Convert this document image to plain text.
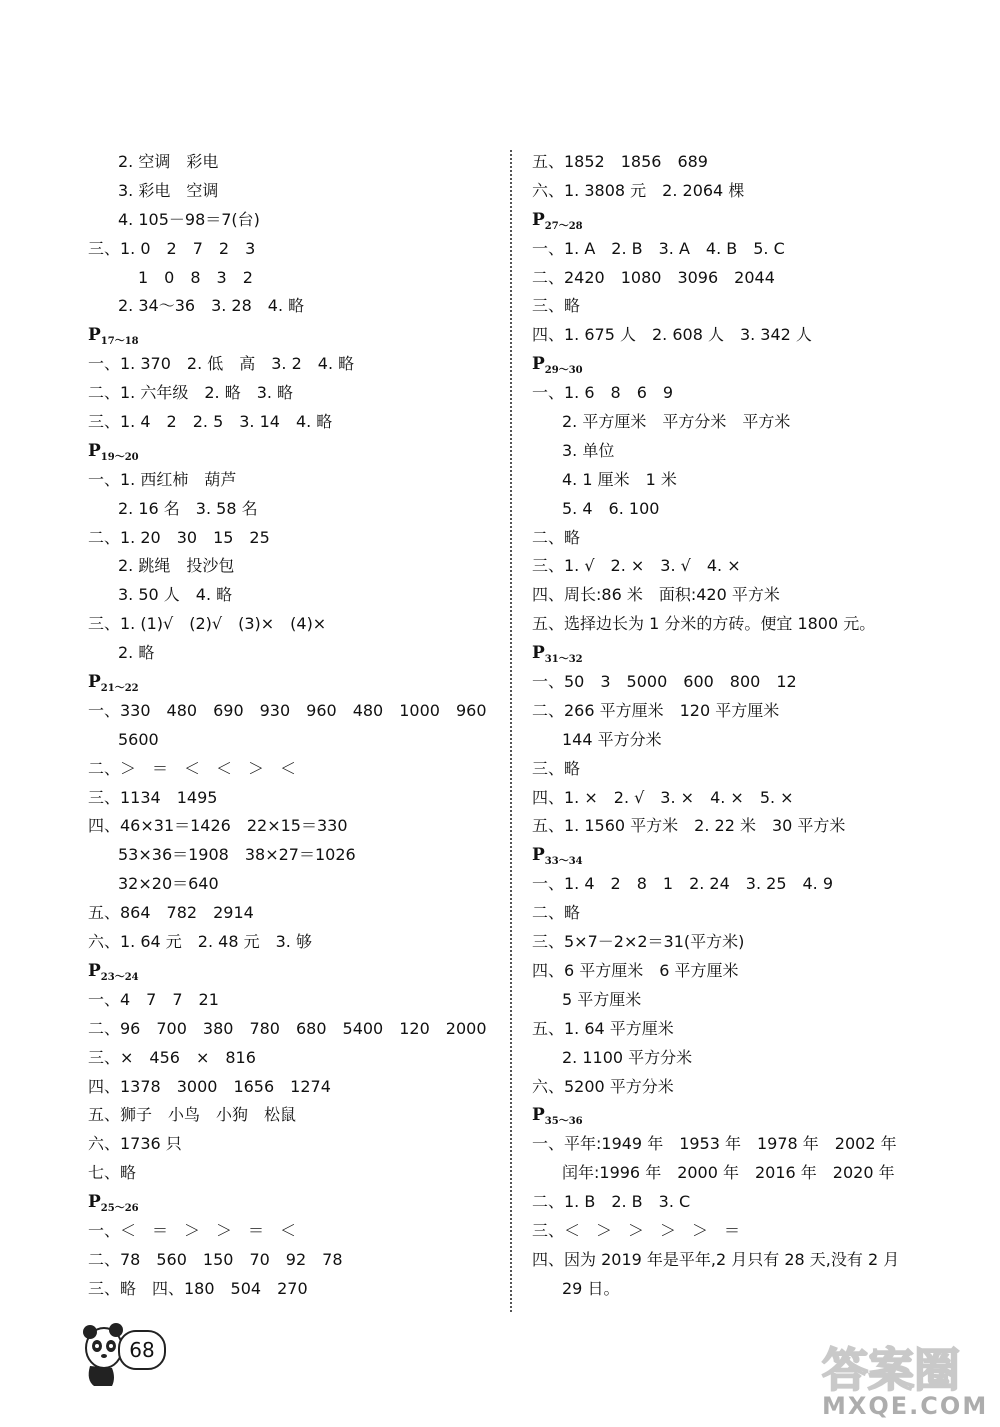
2. 空调　彩电
3. 彩电　空调
4. 105－98＝7(台)
三、1. 0　2　7　2　3
1　0　8　3　2
2. 34～36　3. 28　4. 略
$P_{17\sim 18}$
一、1. 370　2. 低　高　3. 2　4. 略
二、1. 六年级　2. 略　3. 略
三、1. 4　2　2. 5　3. 14　4. 略
$P_{19\sim 20}$
一、1. 西红柿　葫芦
2. 16 名　3. 58 名
二、1. 20　30　15　25
2. 跳绳　投沙包
3. 50 人　4. 略
三、1. (1)√　(2)√　(3)×　(4)×
2. 略
$P_{21\sim 22}$
一、330　480　690　930　960　480　1000　960
5600
二、＞　＝　＜　＜　＞　＜
三、1134　1495
四、46×31＝1426　22×15＝330
53×36＝1908　38×27＝1026
32×20＝640
五、864　782　2914
六、1. 64 元　2. 48 元　3. 够
$P_{23\sim 24}$
一、4　7　7　21
二、96　700　380　780　680　5400　120　2000
三、×　456　×　816
四、1378　3000　1656　1274
五、狮子　小鸟　小狗　松鼠
六、1736 只
七、略
$P_{25\sim 26}$
一、＜　＝　＞　＞　＝　＜
二、78　560　150　70　92　78
三、略　四、180　504　270
五、1852　1856　689
六、1. 3808 元　2. 2064 棵
$P_{27\sim 28}$
一、1. A　2. B　3. A　4. B　5. C
二、2420　1080　3096　2044
三、略
四、1. 675 人　2. 608 人　3. 342 人
$P_{29\sim 30}$
一、1. 6　8　6　9
2. 平方厘米　平方分米　平方米
3. 单位
4. 1 厘米　1 米
5. 4　6. 100
二、略
三、1. √　2. ×　3. √　4. ×
四、周长:86 米　面积:420 平方米
五、选择边长为 1 分米的方砖。便宜 1800 元。
$P_{31\sim 32}$
一、50　3　5000　600　800　12
二、266 平方厘米　120 平方厘米
144 平方分米
三、略
四、1. ×　2. √　3. ×　4. ×　5. ×
五、1. 1560 平方米　2. 22 米　30 平方米
$P_{33\sim 34}$
一、1. 4　2　8　1　2. 24　3. 25　4. 9
二、略
三、5×7－2×2＝31(平方米)
四、6 平方厘米　6 平方厘米
5 平方厘米
五、1. 64 平方厘米
2. 1100 平方分米
六、5200 平方分米
$P_{35\sim 36}$
一、平年:1949 年　1953 年　1978 年　2002 年
闰年:1996 年　2000 年　2016 年　2020 年
二、1. B　2. B　3. C
三、＜　＞　＞　＞　＞　＝
四、因为 2019 年是平年,2 月只有 28 天,没有 2 月
29 日。
68	答案圈
MXQE.COM
